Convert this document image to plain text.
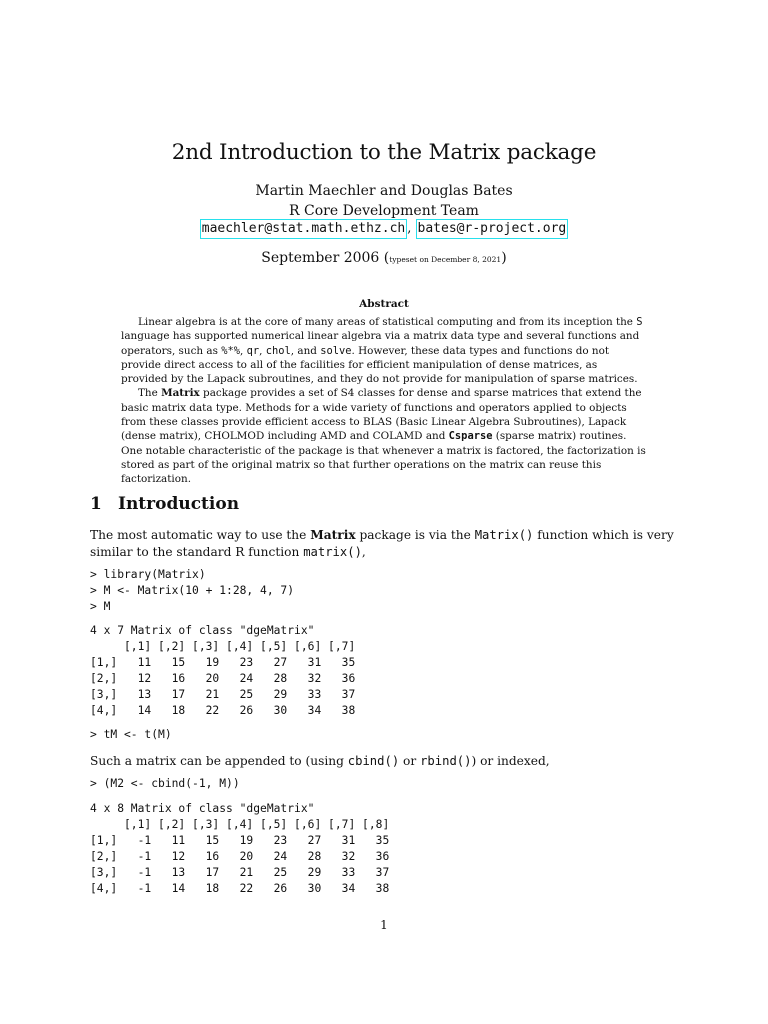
2nd Introduction to the Matrix package
Martin Maechler and Douglas Bates
R Core Development Team
maechler@stat.math.ethz.ch , bates@r-project.org
September 2006 (typeset on December 8, 2021)
Abstract

Linear algebra is at the core of many areas of statistical computing and from its inception the S language has supported numerical linear algebra via a matrix data type and several functions and operators, such as %*%, qr, chol, and solve. However, these data types and functions do not provide direct access to all of the facilities for efficient manipulation of dense matrices, as provided by the Lapack subroutines, and they do not provide for manipulation of sparse matrices.

The Matrix package provides a set of S4 classes for dense and sparse matrices that extend the basic matrix data type. Methods for a wide variety of functions and operators applied to objects from these classes provide efficient access to BLAS (Basic Linear Algebra Subroutines), Lapack (dense matrix), CHOLMOD including AMD and COLAMD and Csparse (sparse matrix) routines. One notable characteristic of the package is that whenever a matrix is factored, the factorization is stored as part of the original matrix so that further operations on the matrix can reuse this factorization.

1 Introduction
The most automatic way to use the Matrix package is via the Matrix() function which is very similar to the standard R function matrix(),
> library(Matrix)
> M <- Matrix(10 + 1:28, 4, 7)
> M
4 x 7 Matrix of class "dgeMatrix"
[,1] [,2] [,3] [,4] [,5] [,6] [,7]
[1,]   11   15   19   23   27   31   35
[2,]   12   16   20   24   28   32   36
[3,]   13   17   21   25   29   33   37
[4,]   14   18   22   26   30   34   38
> tM <- t(M)
Such a matrix can be appended to (using cbind() or rbind()) or indexed,
> (M2 <- cbind(-1, M))
4 x 8 Matrix of class "dgeMatrix"
[,1] [,2] [,3] [,4] [,5] [,6] [,7] [,8]
[1,]   -1   11   15   19   23   27   31   35
[2,]   -1   12   16   20   24   28   32   36
[3,]   -1   13   17   21   25   29   33   37
[4,]   -1   14   18   22   26   30   34   38
1
